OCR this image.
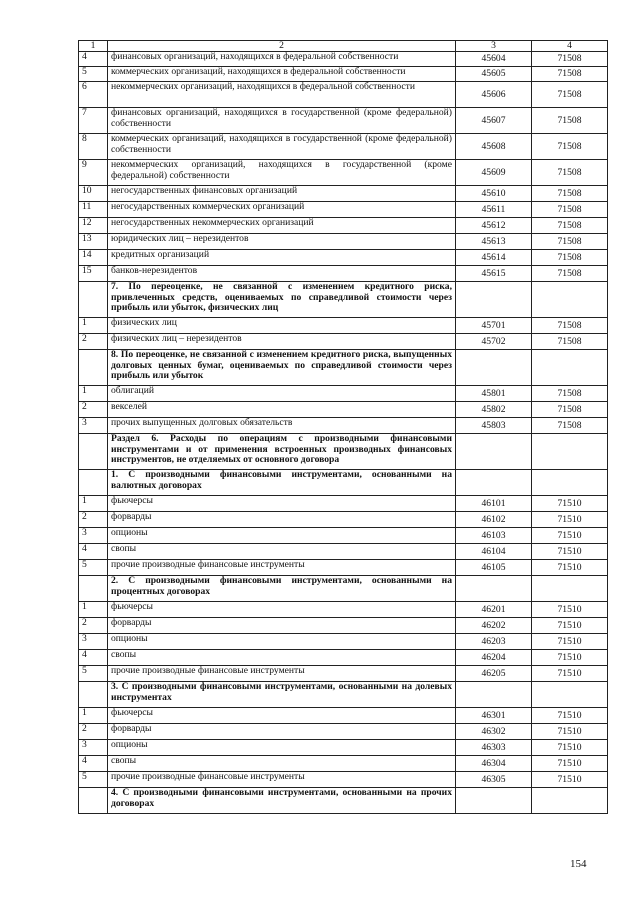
1	2	3	4
4	финансовых организаций, находящихся в федеральной собственности	45604	71508
5	коммерческих организаций, находящихся в федеральной собственности	45605	71508
6	некоммерческих организаций, находящихся в федеральной собственности	45606	71508
7	финансовых организаций, находящихся в государственной (кроме федеральной) собственности	45607	71508
8	коммерческих организаций, находящихся в государственной (кроме федеральной) собственности	45608	71508
9	некоммерческих организаций, находящихся в государственной (кроме федеральной) собственности	45609	71508
10	негосударственных финансовых организаций	45610	71508
11	негосударственных коммерческих организаций	45611	71508
12	негосударственных некоммерческих организаций	45612	71508
13	юридических лиц – нерезидентов	45613	71508
14	кредитных организаций	45614	71508
15	банков-нерезидентов	45615	71508
	7. По переоценке, не связанной с изменением кредитного риска, привлеченных средств, оцениваемых по справедливой стоимости через прибыль или убыток, физических лиц		
1	физических лиц	45701	71508
2	физических лиц – нерезидентов	45702	71508
	8. По переоценке, не связанной с изменением кредитного риска, выпущенных долговых ценных бумаг, оцениваемых по справедливой стоимости через прибыль или убыток		
1	облигаций	45801	71508
2	векселей	45802	71508
3	прочих выпущенных долговых обязательств	45803	71508
	Раздел 6. Расходы по операциям с производными финансовыми инструментами и от применения встроенных производных финансовых инструментов, не отделяемых от основного договора		
	1. С производными финансовыми инструментами, основанными на валютных договорах		
1	фьючерсы	46101	71510
2	форварды	46102	71510
3	опционы	46103	71510
4	свопы	46104	71510
5	прочие производные финансовые инструменты	46105	71510
	2. С производными финансовыми инструментами, основанными на процентных договорах		
1	фьючерсы	46201	71510
2	форварды	46202	71510
3	опционы	46203	71510
4	свопы	46204	71510
5	прочие производные финансовые инструменты	46205	71510
	3. С производными финансовыми инструментами, основанными на долевых инструментах		
1	фьючерсы	46301	71510
2	форварды	46302	71510
3	опционы	46303	71510
4	свопы	46304	71510
5	прочие производные финансовые инструменты	46305	71510
	4. С производными финансовыми инструментами, основанными на прочих договорах		
154
